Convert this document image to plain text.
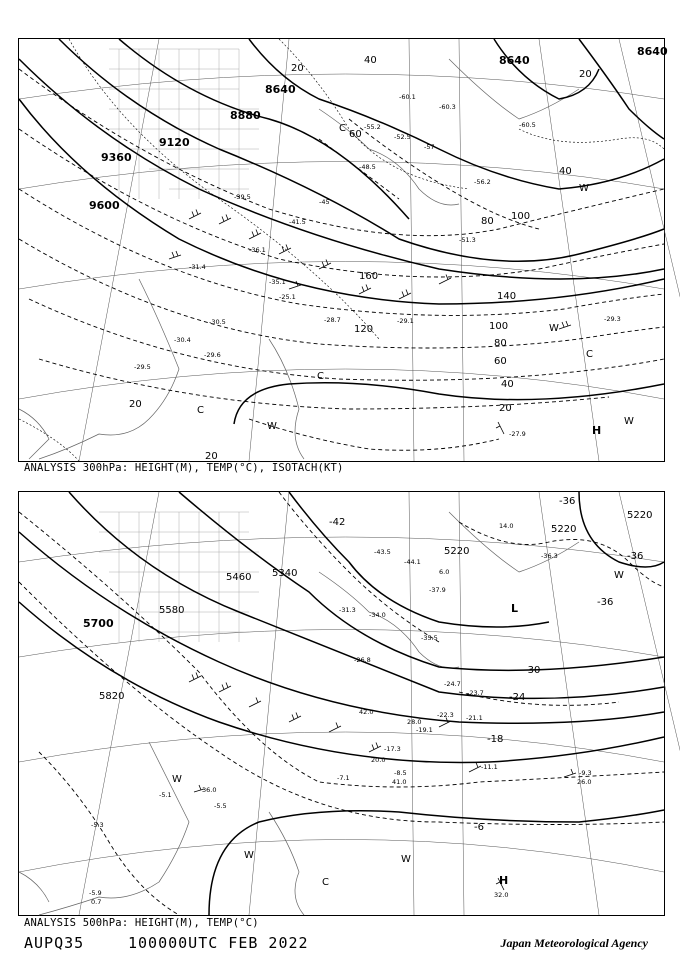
9600
9360
9120
8880
8640
8640
8640
20
40
60
80 100
120
140
160
100
80
60
40
20
20
20
40
20
-29.5
-30.5
-31.4
-36.1
-39.5
-41.5
-45
-48.5
-52.5
-55.2
-57
-60.1
-60.3
-60.5
-56.2
-51.3
-29.1	-29.3
-27.9
-30.4
-28.7
-25.1
-29.6
-35.1
H
W
W
W
W
C
C
C
C
ANALYSIS 300hPa: HEIGHT(M), TEMP(°C), ISOTACH(KT)
5700
5820
5580
5460 5340
5220
5220
5220
-42
-36
-36
-30
-24
-18
-6
-36
-34.0
-35.5
-37.9
-31.3
-26.8
-23.7
-22.3 -21.1
-17.3
-11.1
-9.3
-8.5
-7.1
-5.5
-5.1
-44.1
-43.5	-36.3
-19.1
-24.7
-5.9
-5.3
42.0
28.0
26.0
36.0
41.0
20.0
14.0
6.0
32.0
0.7
H
L
W
W	W
W
C
ANALYSIS 500hPa: HEIGHT(M), TEMP(°C)
AUPQ35	100000UTC FEB 2022	Japan Meteorological Agency
